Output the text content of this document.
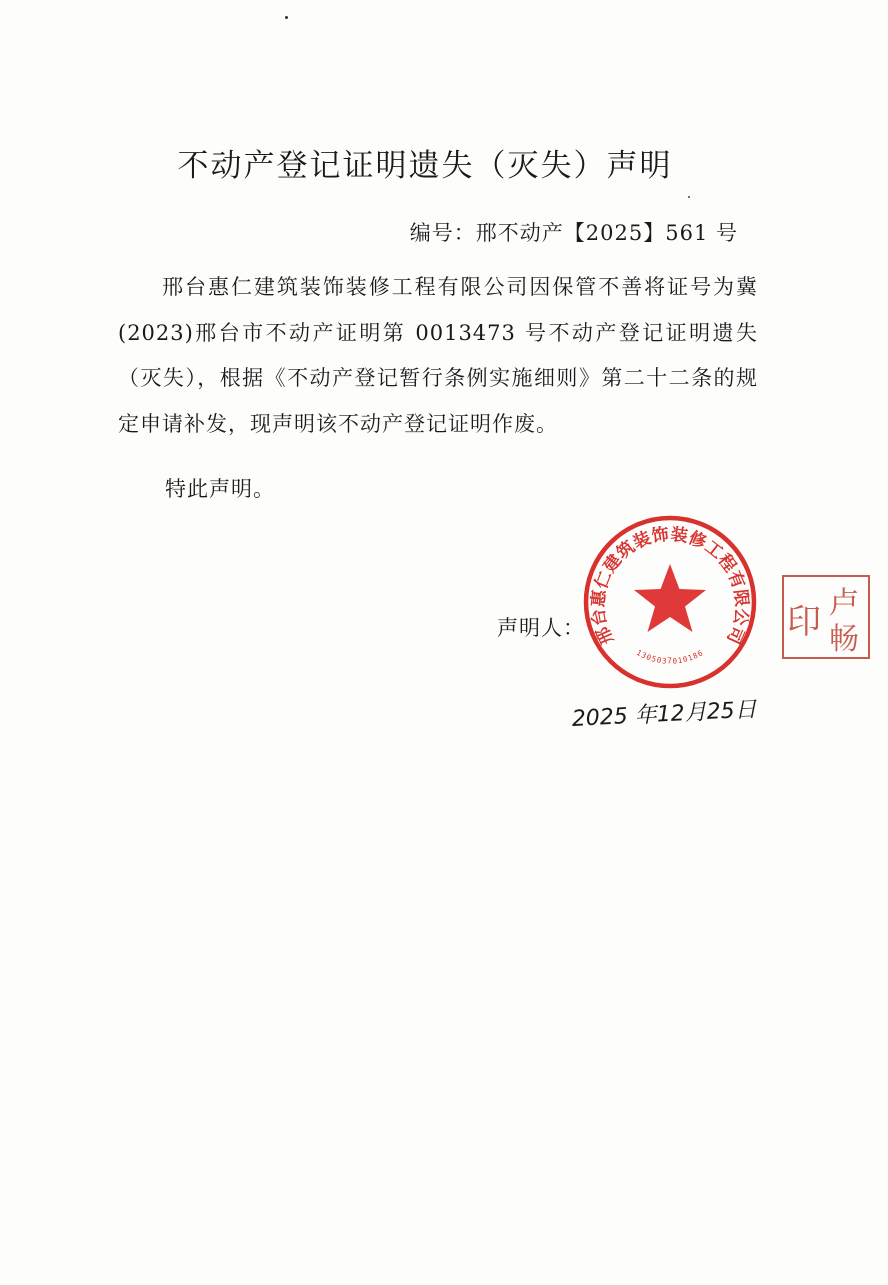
不动产登记证明遗失（灭失）声明
编号：邢不动产【2025】561 号

邢台惠仁建筑装饰装修工程有限公司因保管不善将证号为冀(2023)邢台市不动产证明第 0013473 号不动产登记证明遗失（灭失），根据《不动产登记暂行条例实施细则》第二十二条的规定申请补发，现声明该不动产登记证明作废。

特此声明。
声明人： 邢台惠仁建筑装饰装修工程有限公司
1305037010186
卢
畅
印
2025 年12月25日
